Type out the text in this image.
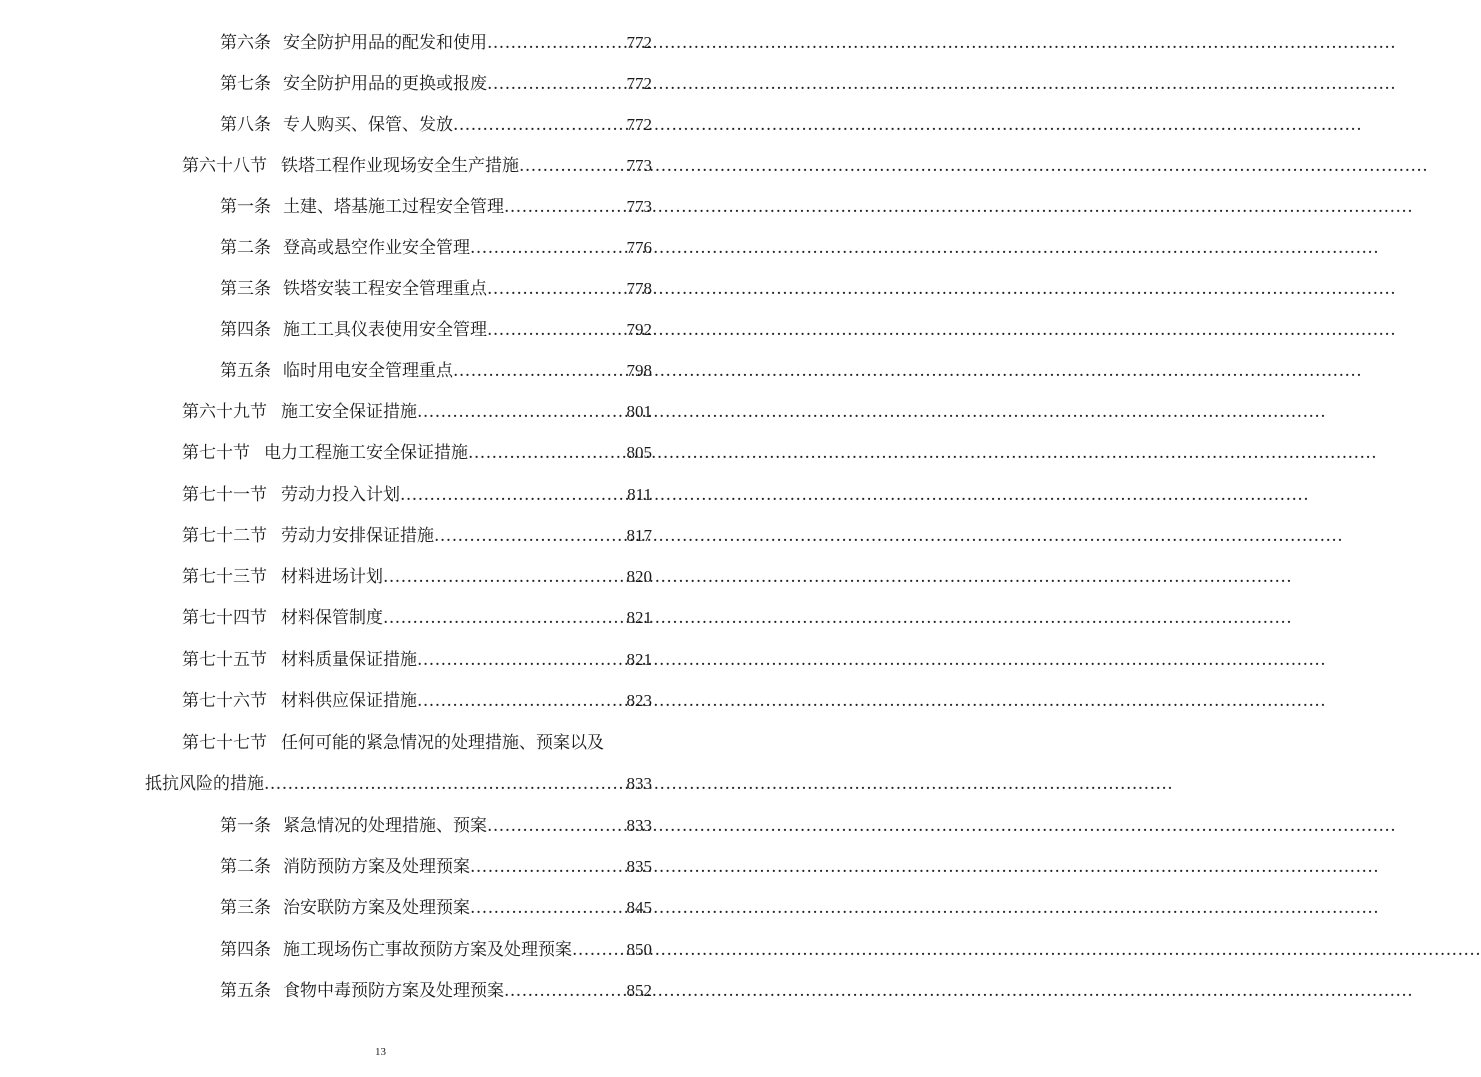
第六条 安全防护用品的配发和使用 .....	772
第七条 安全防护用品的更换或报废 .....	772
第八条 专人购买、保管、发放 .....	772
第六十八节 铁塔工程作业现场安全生产措施 .....	773
第一条 土建、塔基施工过程安全管理 .....	773
第二条 登高或悬空作业安全管理 .....	776
第三条 铁塔安装工程安全管理重点 .....	778
第四条 施工工具仪表使用安全管理 .....	792
第五条 临时用电安全管理重点 .....	798
第六十九节 施工安全保证措施 .....	801
第七十节 电力工程施工安全保证措施 .....	805
第七十一节 劳动力投入计划 .....	811
第七十二节 劳动力安排保证措施 .....	817
第七十三节 材料进场计划 .....	820
第七十四节 材料保管制度 .....	821
第七十五节 材料质量保证措施 .....	821
第七十六节 材料供应保证措施 .....	823
第七十七节 任何可能的紧急情况的处理措施、预案以及
抵抗风险的措施 .....	833
第一条 紧急情况的处理措施、预案 .....	833
第二条 消防预防方案及处理预案 .....	835
第三条 治安联防方案及处理预案 .....	845
第四条 施工现场伤亡事故预防方案及处理预案 .....	850
第五条 食物中毒预防方案及处理预案 .....	852
13
